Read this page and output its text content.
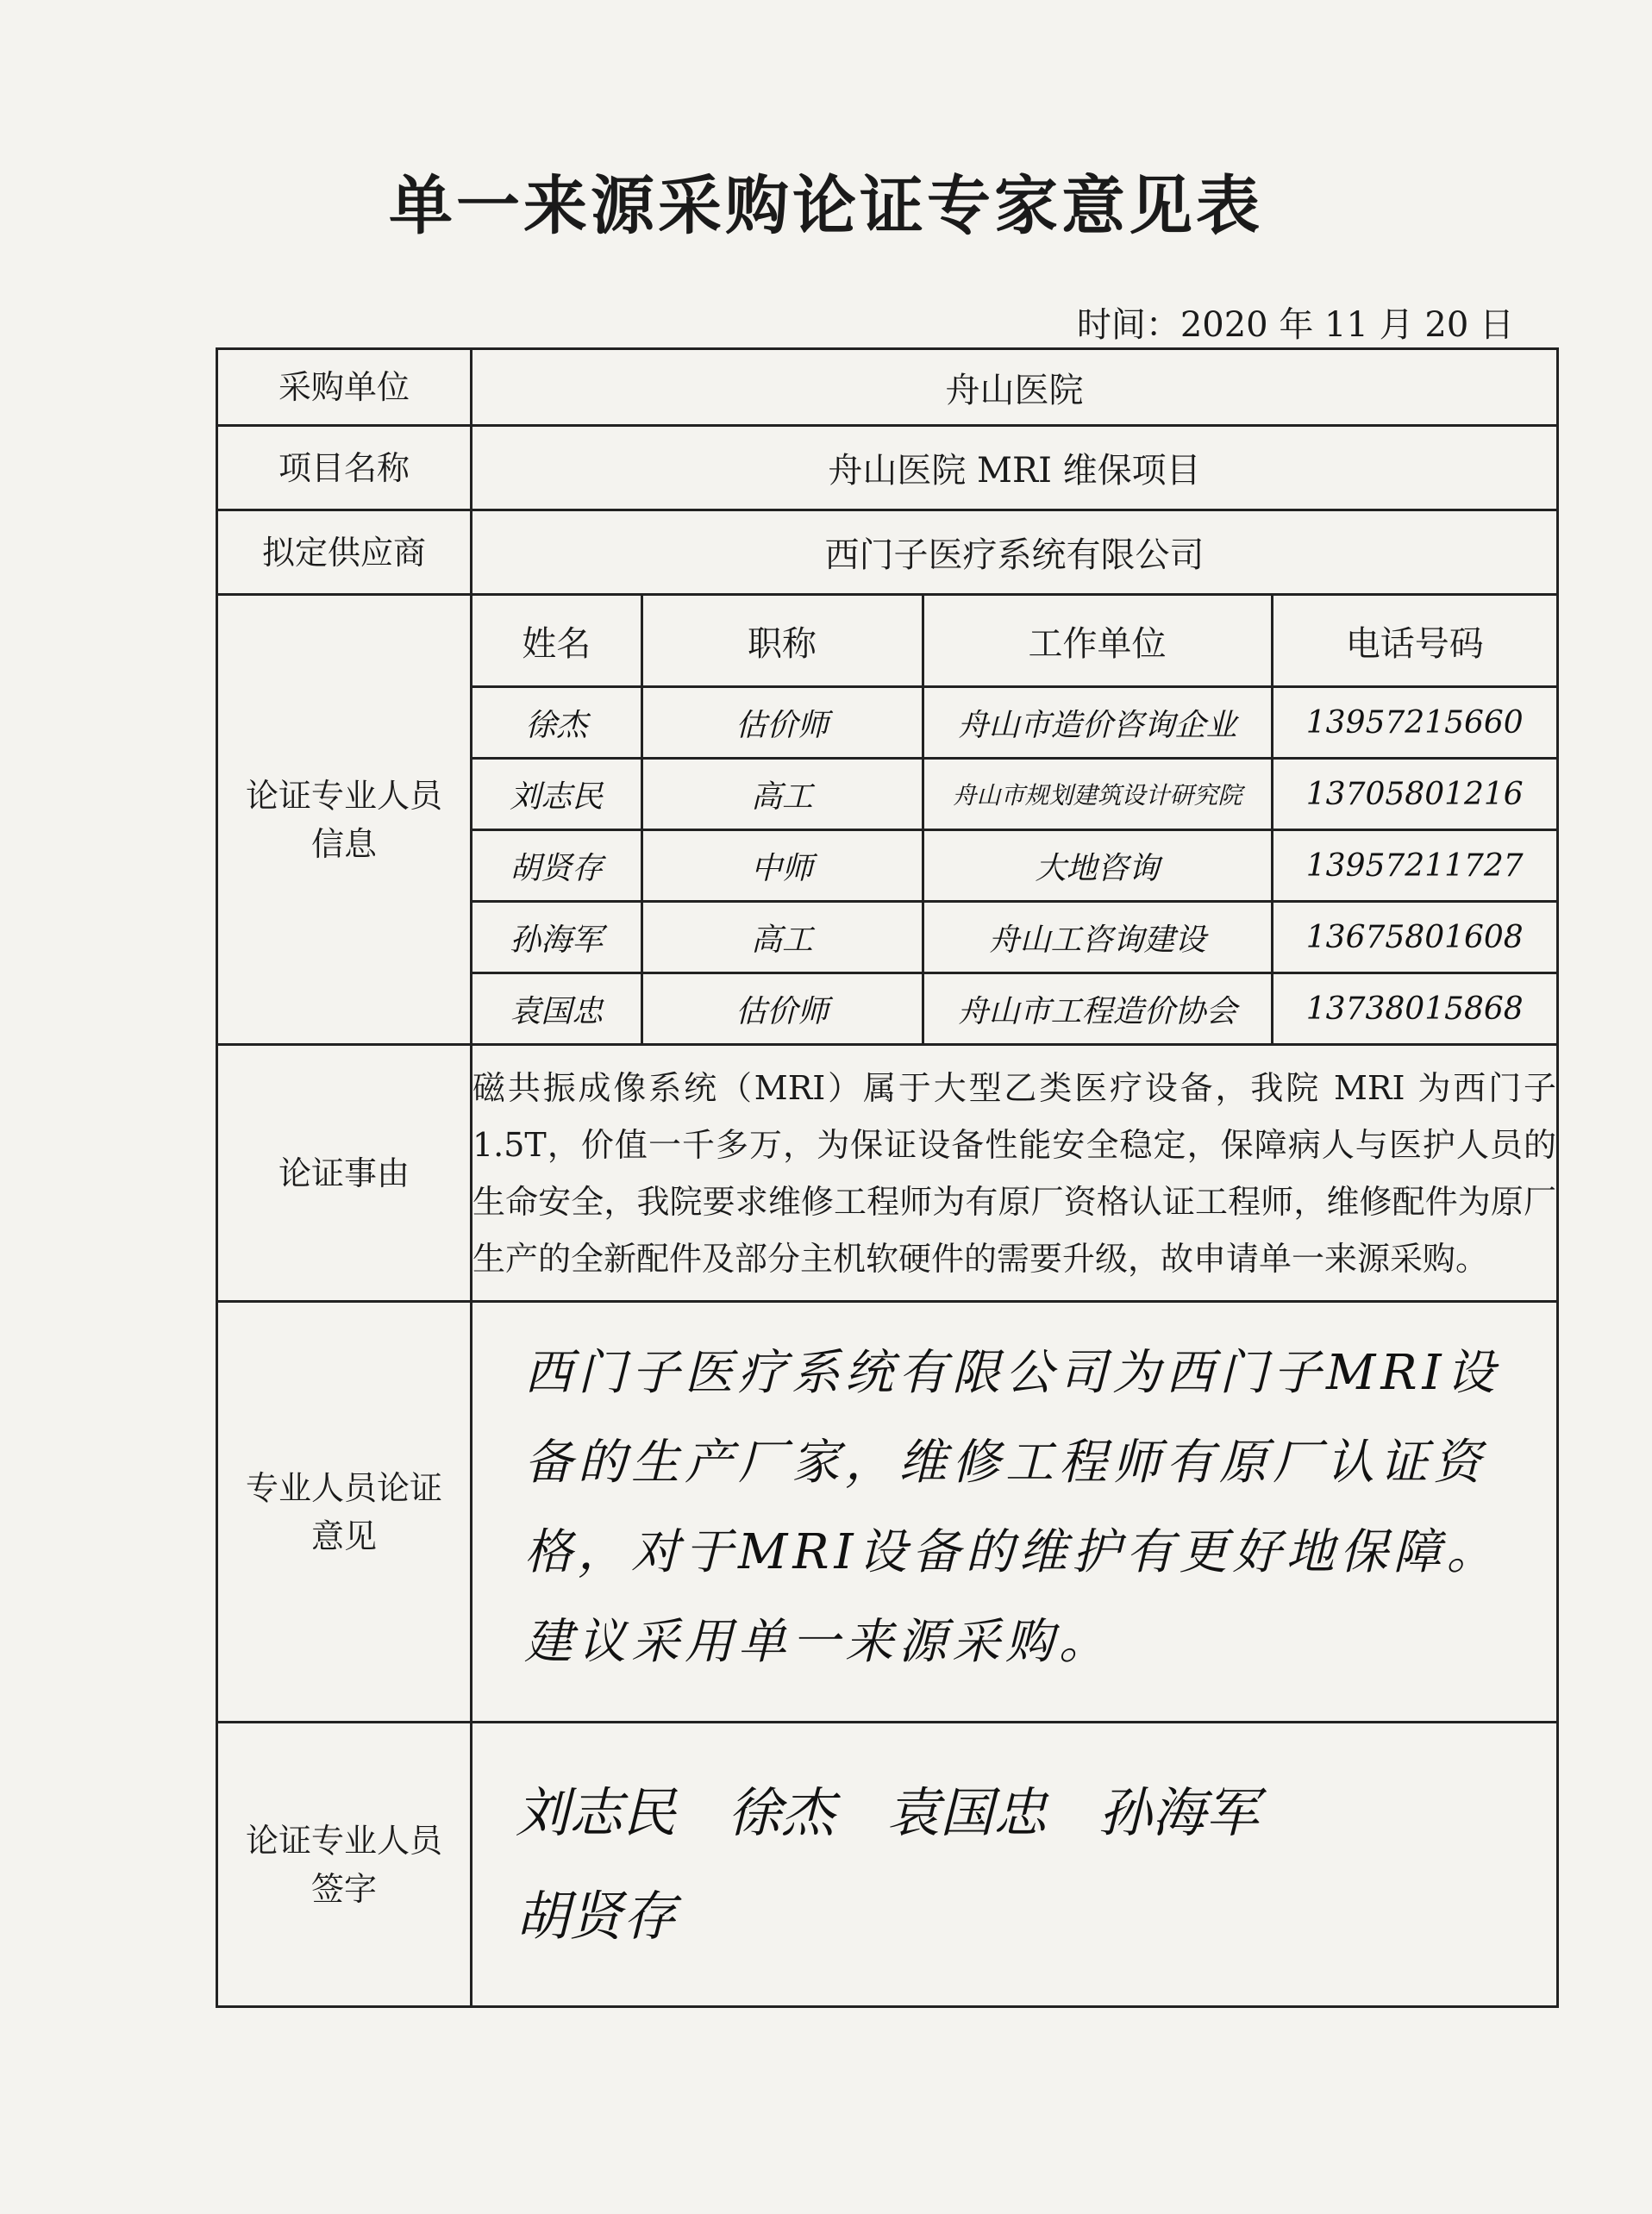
单一来源采购论证专家意见表
时间：2020 年 11 月 20 日
采购单位	舟山医院
项目名称	舟山医院 MRI 维保项目
拟定供应商	西门子医疗系统有限公司

论证专业人员信息

姓名	职称	工作单位	电话号码
徐杰	估价师	舟山市造价咨询企业	13957215660
刘志民	高工	舟山市规划建筑设计研究院	13705801216
胡贤存	中师	大地咨询	13957211727
孙海军	高工	舟山工咨询建设	13675801608
袁国忠	估价师	舟山市工程造价协会	13738015868

论证事由	磁共振成像系统（MRI）属于大型乙类医疗设备，我院 MRI 为西门子 1.5T，价值一千多万，为保证设备性能安全稳定，保障病人与医护人员的生命安全，我院要求维修工程师为有原厂资格认证工程师，维修配件为原厂生产的全新配件及部分主机软硬件的需要升级，故申请单一来源采购。

专业人员论证意见
	西门子医疗系统有限公司为西门子MRI设备的生产厂家，维修工程师有原厂认证资格，对于MRI设备的维护有更好地保障。建议采用单一来源采购。

论证专业人员签字
	刘志民 徐杰 袁国忠 孙海军
胡贤存
